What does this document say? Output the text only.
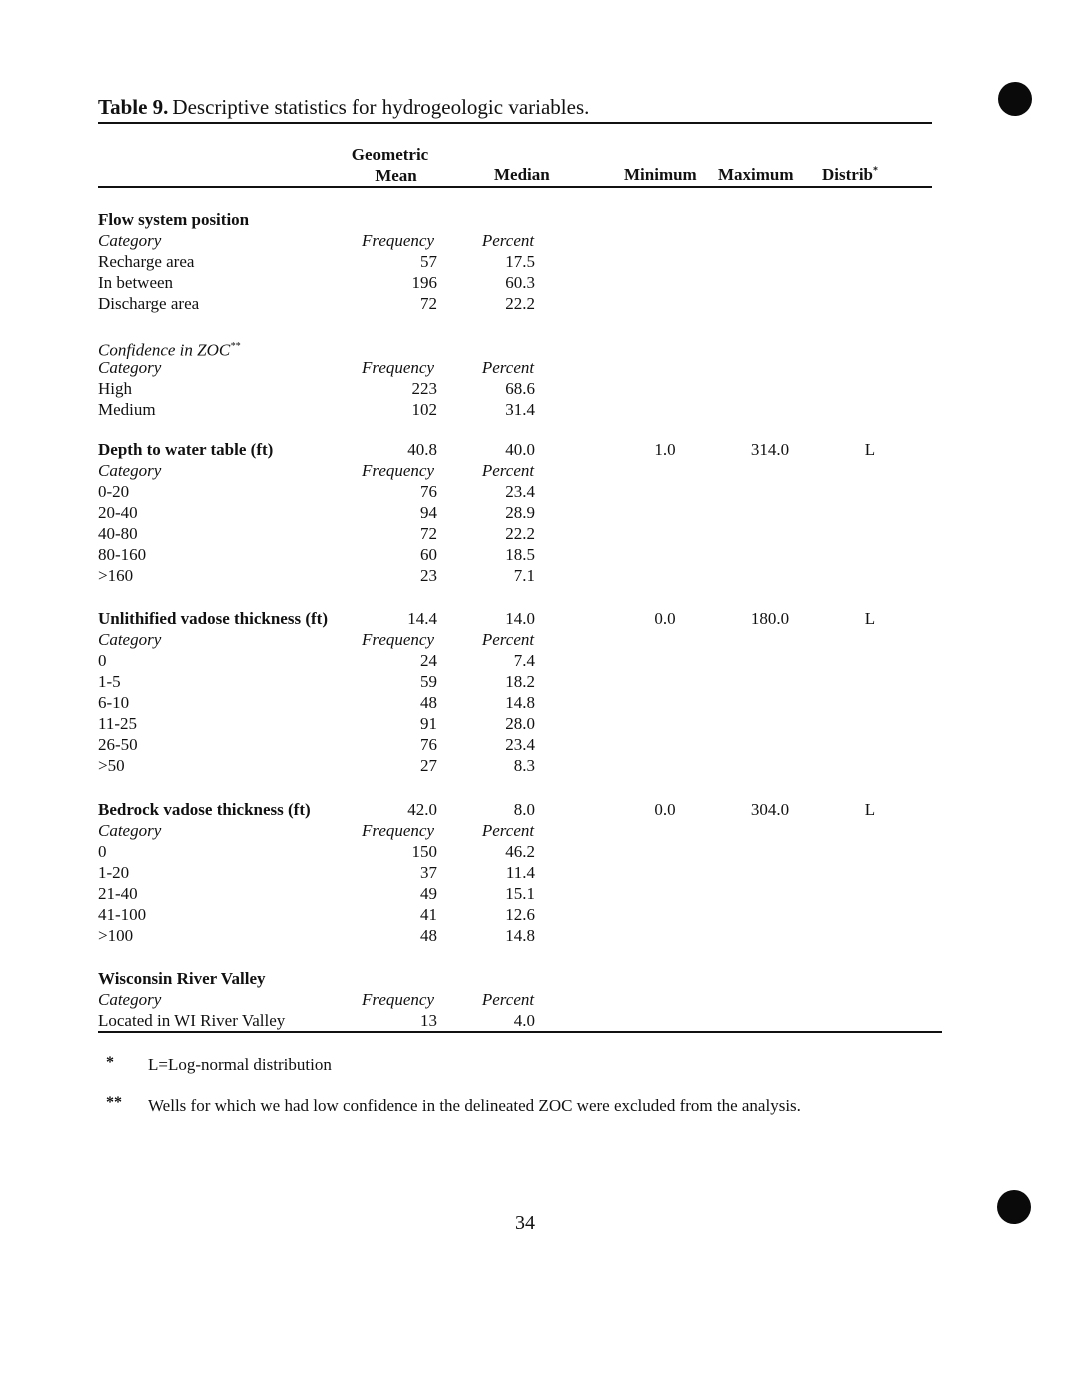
Table 9. Descriptive statistics for hydrogeologic variables.
Geometric
Mean	Median	Minimum Maximum Distrib*
Flow system position
Category	Frequency	Percent
Recharge area	57	17.5
In between	196	60.3
Discharge area	72	22.2
Confidence in ZOC**
Category	Frequency	Percent
High	223	68.6
Medium	102	31.4
Depth to water table (ft)	40.8	40.0	1.0	314.0	L
Category	Frequency	Percent
0-20	76	23.4
20-40	94	28.9
40-80	72	22.2
80-160	60	18.5
>160	23	7.1
Unlithified vadose thickness (ft)	14.4	14.0	0.0	180.0	L
Category	Frequency	Percent
0	24	7.4
1-5	59	18.2
6-10	48	14.8
11-25	91	28.0
26-50	76	23.4
>50	27	8.3
Bedrock vadose thickness (ft)	42.0	8.0	0.0	304.0	L
Category	Frequency	Percent
0	150	46.2
1-20	37	11.4
21-40	49	15.1
41-100	41	12.6
>100	48	14.8
Wisconsin River Valley
Category	Frequency	Percent
Located in WI River Valley	13	4.0
* L=Log-normal distribution
** Wells for which we had low confidence in the delineated ZOC were excluded from the analysis.
34
